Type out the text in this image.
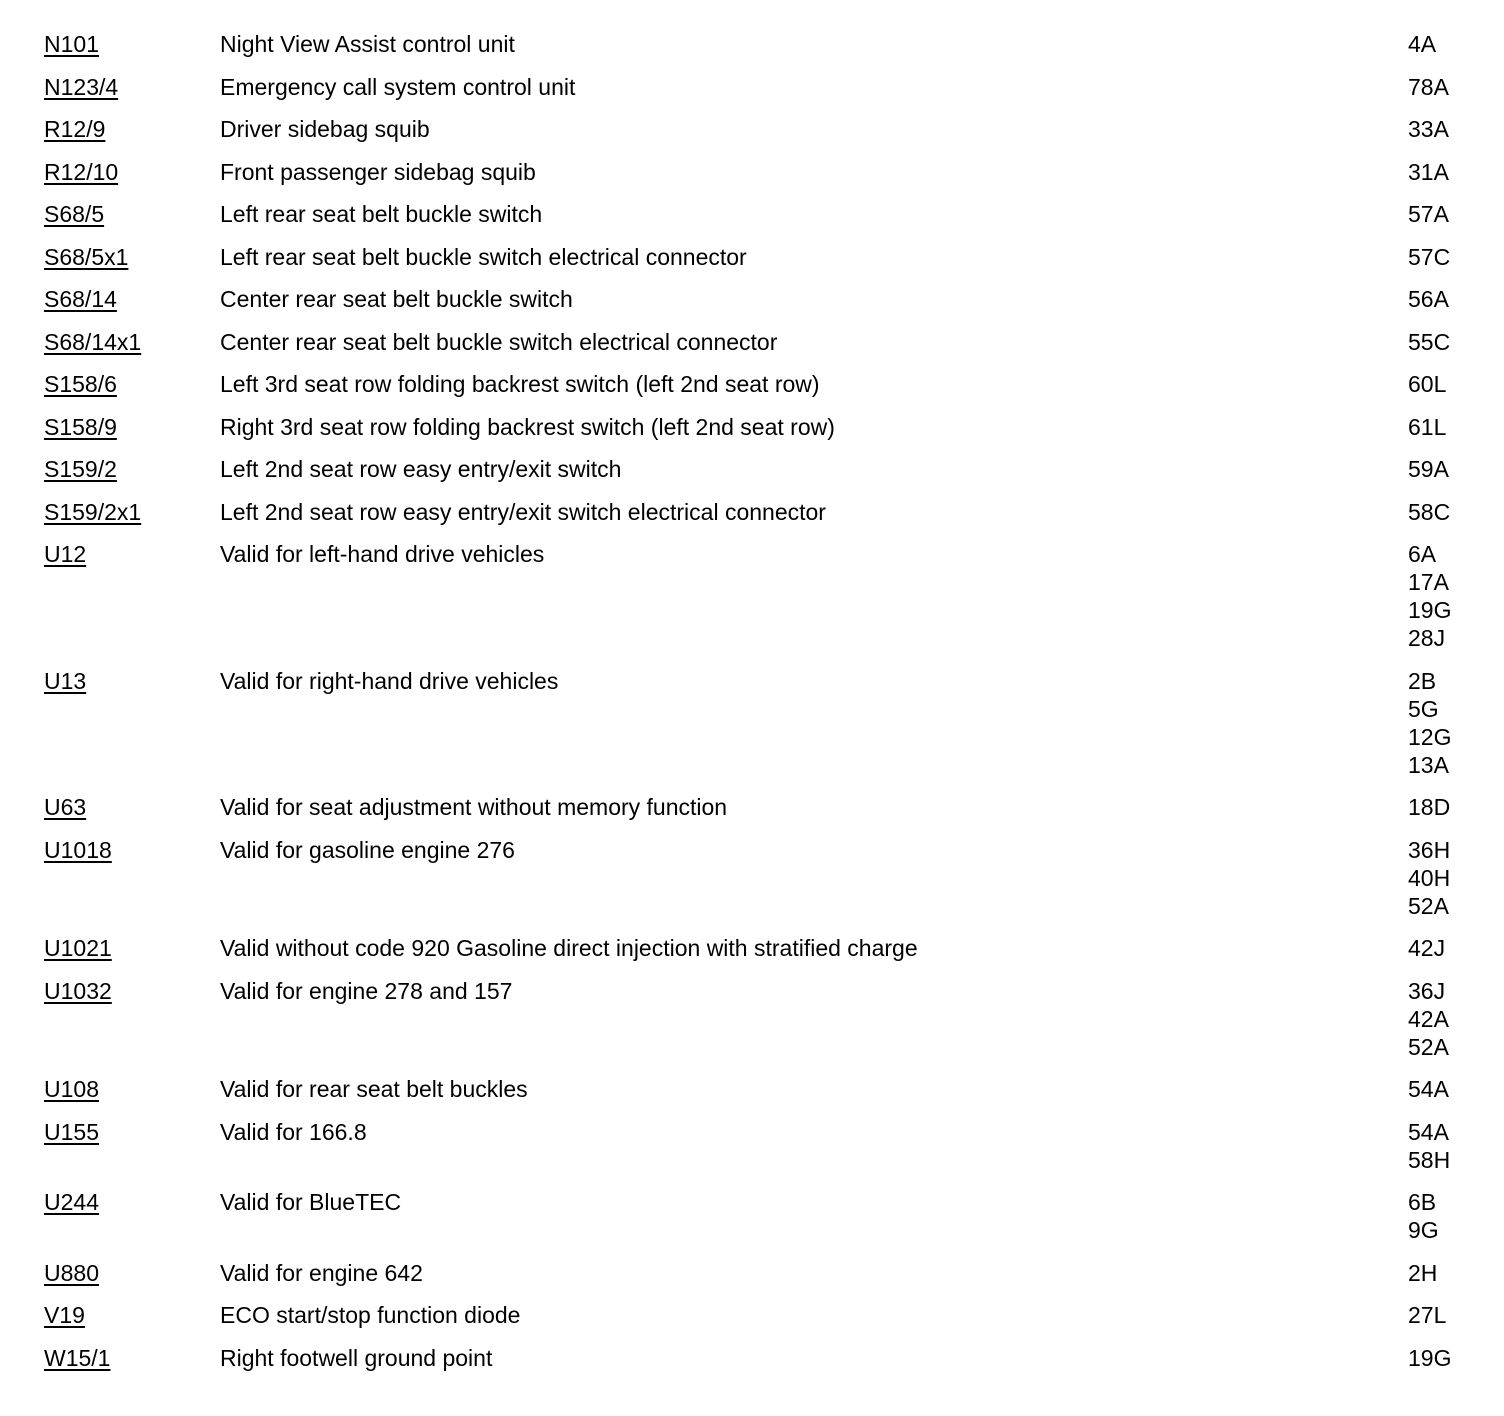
N101	Night View Assist control unit	4A
N123/4	Emergency call system control unit	78A
R12/9	Driver sidebag squib	33A
R12/10	Front passenger sidebag squib	31A
S68/5	Left rear seat belt buckle switch	57A
S68/5x1	Left rear seat belt buckle switch electrical connector	57C
S68/14	Center rear seat belt buckle switch	56A
S68/14x1	Center rear seat belt buckle switch electrical connector	55C
S158/6	Left 3rd seat row folding backrest switch (left 2nd seat row)	60L
S158/9	Right 3rd seat row folding backrest switch (left 2nd seat row)	61L
S159/2	Left 2nd seat row easy entry/exit switch	59A
S159/2x1	Left 2nd seat row easy entry/exit switch electrical connector	58C
U12	Valid for left-hand drive vehicles	6A
17A
19G
28J
U13	Valid for right-hand drive vehicles	2B
5G
12G
13A
U63	Valid for seat adjustment without memory function	18D
U1018	Valid for gasoline engine 276	36H
40H
52A
U1021	Valid without code 920 Gasoline direct injection with stratified charge	42J
U1032	Valid for engine 278 and 157	36J
42A
52A
U108	Valid for rear seat belt buckles	54A
U155	Valid for 166.8	54A
58H
U244	Valid for BlueTEC	6B
9G
U880	Valid for engine 642	2H
V19	ECO start/stop function diode	27L
W15/1	Right footwell ground point	19G
